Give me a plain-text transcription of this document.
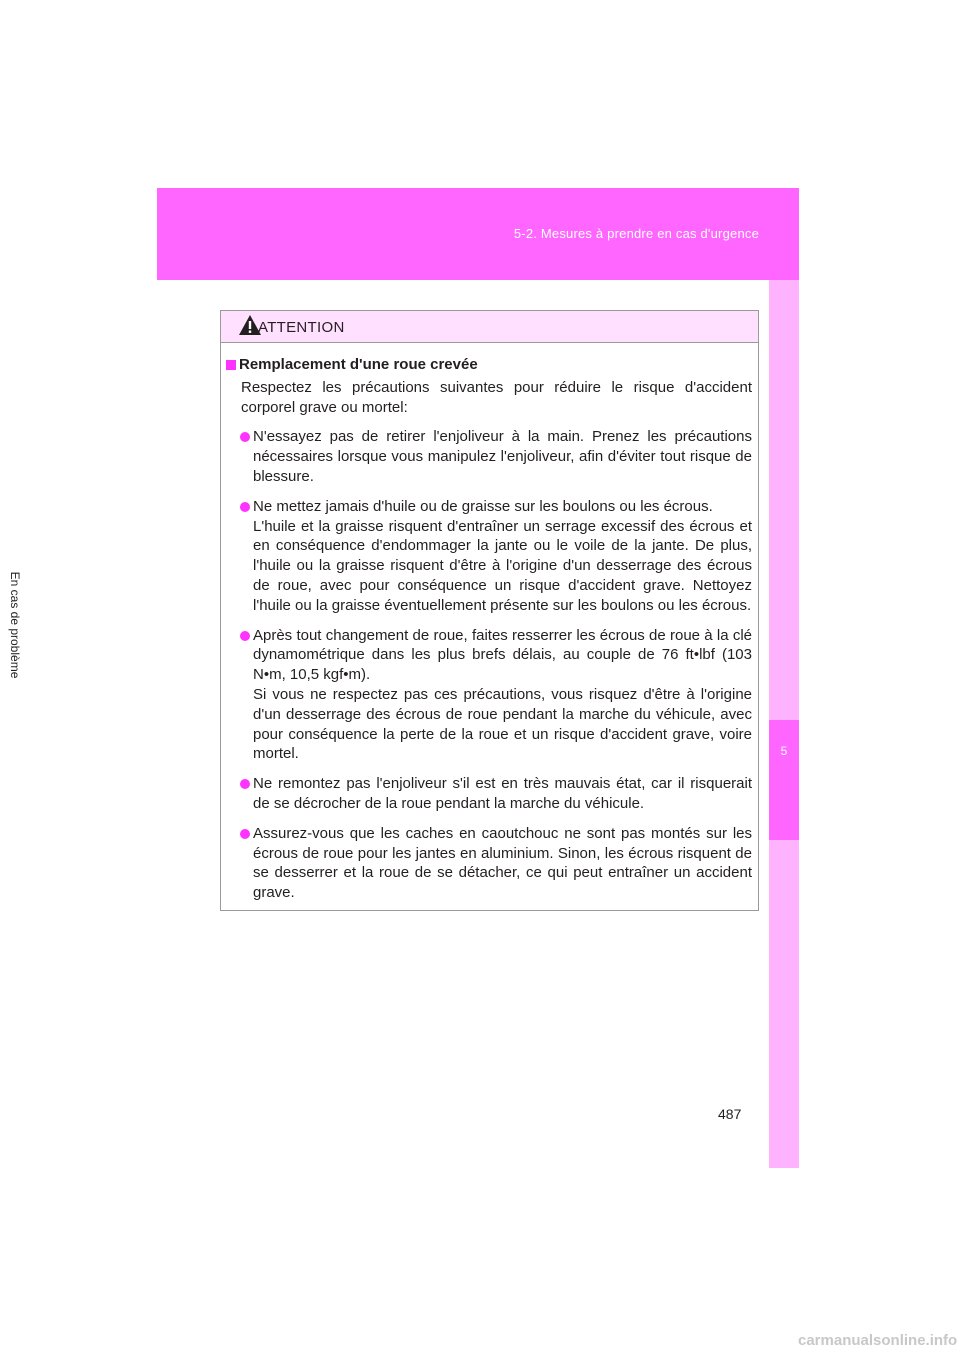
5-2. Mesures à prendre en cas d'urgence
5
En cas de problème
ATTENTION
Remplacement d'une roue crevée
Respectez les précautions suivantes pour réduire le risque d'accident corporel grave ou mortel:

N'essayez pas de retirer l'enjoliveur à la main. Prenez les précautions nécessaires lorsque vous manipulez l'enjoliveur, afin d'éviter tout risque de blessure.

Ne mettez jamais d'huile ou de graisse sur les boulons ou les écrous.

L'huile et la graisse risquent d'entraîner un serrage excessif des écrous et en conséquence d'endommager la jante ou le voile de la jante. De plus, l'huile ou la graisse risquent d'être à l'origine d'un desserrage des écrous de roue, avec pour conséquence un risque d'accident grave. Nettoyez l'huile ou la graisse éventuellement présente sur les boulons ou les écrous.

Après tout changement de roue, faites resserrer les écrous de roue à la clé dynamométrique dans les plus brefs délais, au couple de 76 ft•lbf (103 N•m, 10,5 kgf•m).

Si vous ne respectez pas ces précautions, vous risquez d'être à l'origine d'un desserrage des écrous de roue pendant la marche du véhicule, avec pour conséquence la perte de la roue et un risque d'accident grave, voire mortel.

Ne remontez pas l'enjoliveur s'il est en très mauvais état, car il risquerait de se décrocher de la roue pendant la marche du véhicule.

Assurez-vous que les caches en caoutchouc ne sont pas montés sur les écrous de roue pour les jantes en aluminium. Sinon, les écrous risquent de se desserrer et la roue de se détacher, ce qui peut entraîner un accident grave.

487
carmanualsonline.info
